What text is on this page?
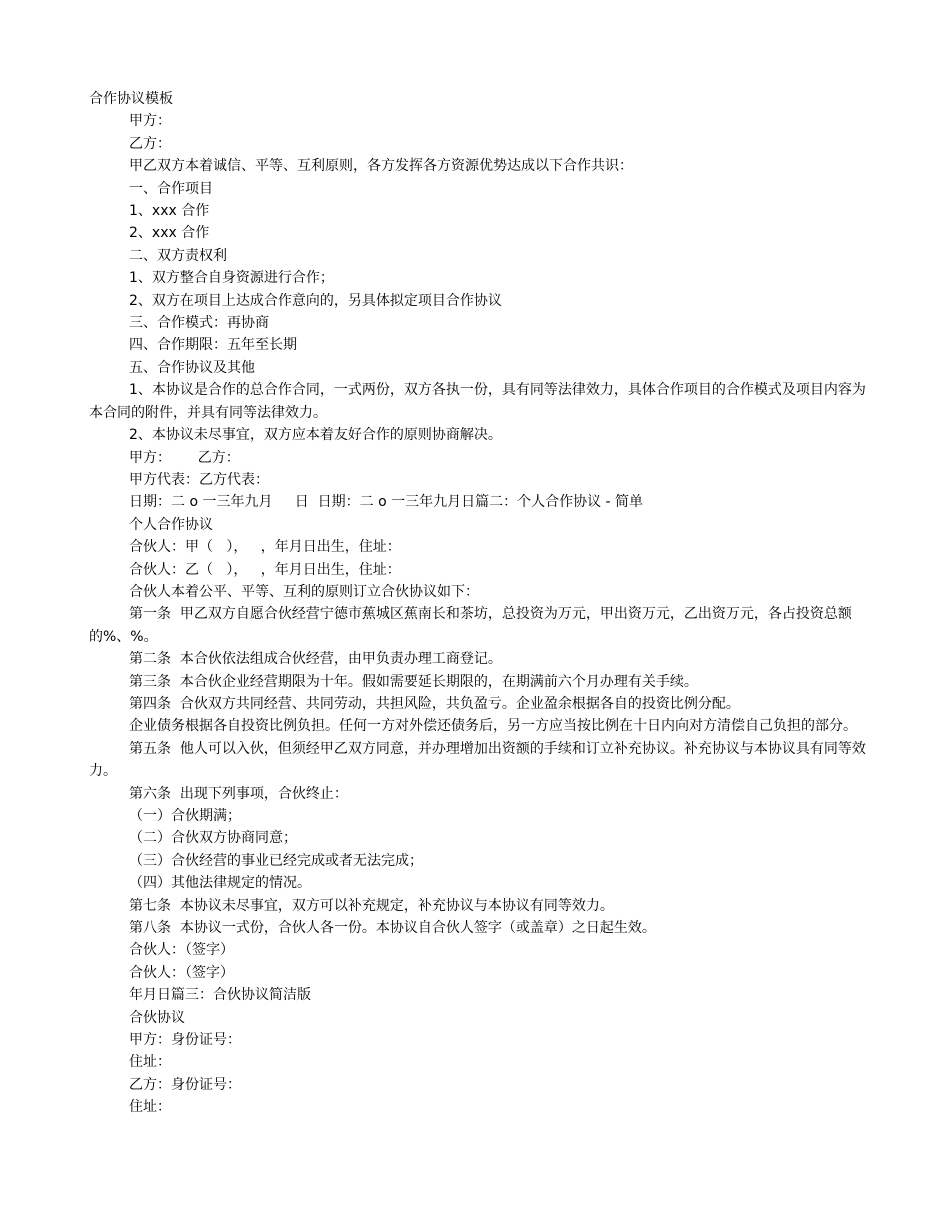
合作协议模板
甲方：
乙方：
甲乙双方本着诚信、平等、互利原则，各方发挥各方资源优势达成以下合作共识：
一、合作项目
1、xxx 合作
2、xxx 合作
二、双方责权利
1、双方整合自身资源进行合作；
2、双方在项目上达成合作意向的，另具体拟定项目合作协议
三、合作模式：再协商
四、合作期限：五年至长期
五、合作协议及其他
1、本协议是合作的总合作合同，一式两份，双方各执一份，具有同等法律效力，具体合作项目的合作模式及项目内容为本合同的附件，并具有同等法律效力。
2、本协议未尽事宜，双方应本着友好合作的原则协商解决。
甲方：      乙方：
甲方代表：乙方代表：
日期：二 o 一三年九月     日  日期：二 o 一三年九月日篇二：个人合作协议 - 简单
个人合作协议
合伙人：甲（   ），   ，年月日出生，住址：
合伙人：乙（   ），   ，年月日出生，住址：
合伙人本着公平、平等、互利的原则订立合伙协议如下：
第一条  甲乙双方自愿合伙经营宁德市蕉城区蕉南长和茶坊，总投资为万元，甲出资万元，乙出资万元，各占投资总额的%、%。
第二条  本合伙依法组成合伙经营，由甲负责办理工商登记。
第三条  本合伙企业经营期限为十年。假如需要延长期限的，在期满前六个月办理有关手续。
第四条  合伙双方共同经营、共同劳动，共担风险，共负盈亏。企业盈余根据各自的投资比例分配。
企业债务根据各自投资比例负担。任何一方对外偿还债务后，另一方应当按比例在十日内向对方清偿自己负担的部分。
第五条  他人可以入伙，但须经甲乙双方同意，并办理增加出资额的手续和订立补充协议。补充协议与本协议具有同等效力。
第六条  出现下列事项，合伙终止：
（一）合伙期满；
（二）合伙双方协商同意；
（三）合伙经营的事业已经完成或者无法完成；
（四）其他法律规定的情况。
第七条  本协议未尽事宜，双方可以补充规定，补充协议与本协议有同等效力。
第八条  本协议一式份，合伙人各一份。本协议自合伙人签字（或盖章）之日起生效。
合伙人：（签字）
合伙人：（签字）
年月日篇三：合伙协议简洁版
合伙协议
甲方：身份证号：
住址：
乙方：身份证号：
住址：
